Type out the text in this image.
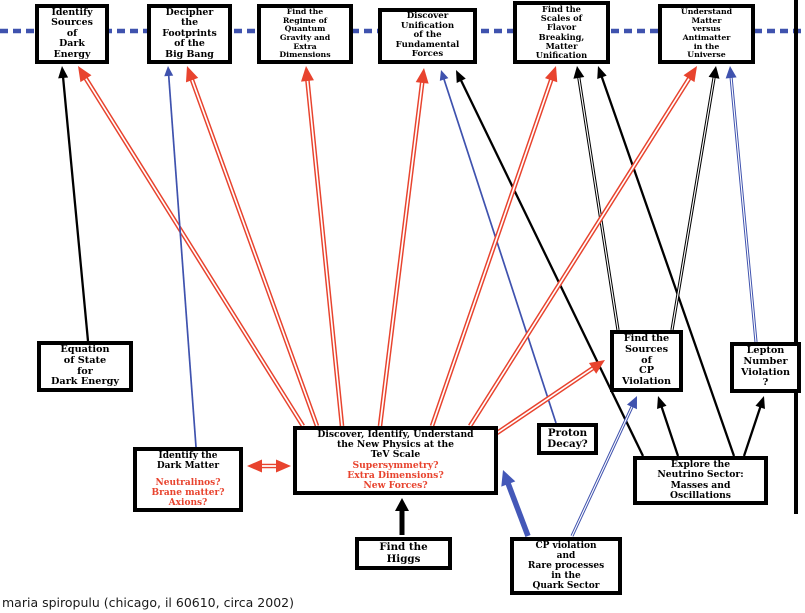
Identify
Sources
of
Dark
Energy
Decipher
the
Footprints
of the
Big Bang
Find the
Regime of
Quantum
Gravity and
Extra
Dimensions
Discover
Unification
of the
Fundamental
Forces
Find the
Scales of
Flavor
Breaking,
Matter
Unification
Understand
Matter
versus
Antimatter
in the
Universe
Equation
of State
for
Dark Energy
Find the
Sources
of
CP
Violation
Lepton
Number
Violation
?
Discover, Identify, Understand
the New Physics at the
TeV Scale
Supersymmetry?
Extra Dimensions?
New Forces?
Identify the
Dark Matter
Neutralinos?
Brane matter?
Axions?
Proton
Decay?
Explore the
Neutrino Sector:
Masses and
Oscillations
Find the
Higgs
CP violation
and
Rare processes
in the
Quark Sector
maria spiropulu (chicago, il 60610, circa 2002)
